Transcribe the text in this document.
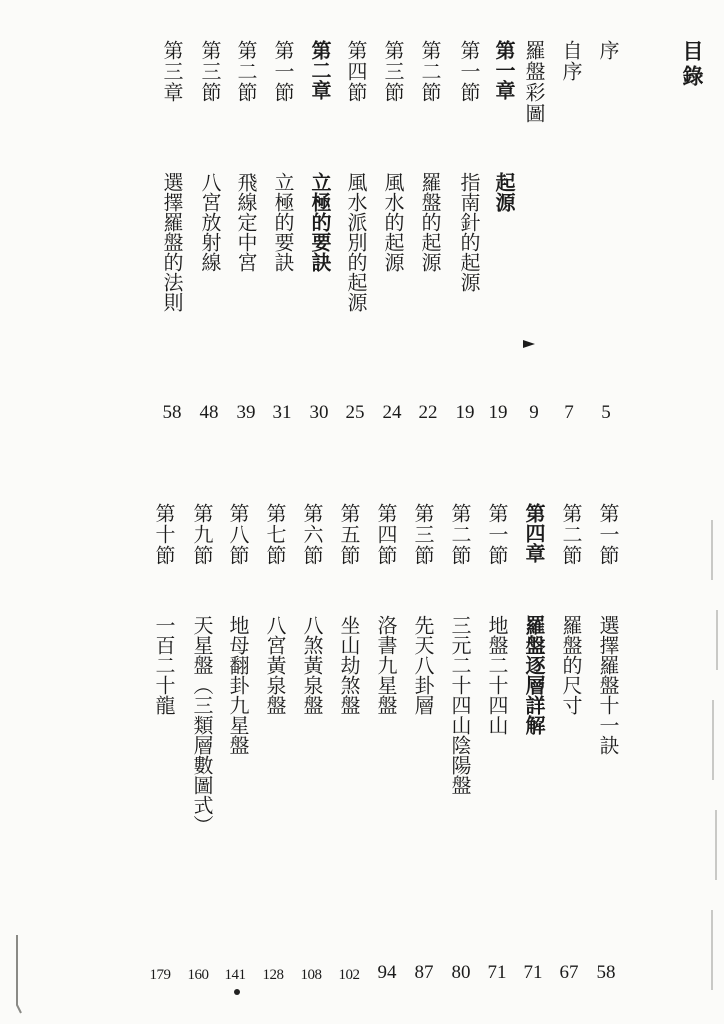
目錄
序
自序
羅盤彩圖
第一章
起源
第一節
指南針的起源
第二節
羅盤的起源
第三節
風水的起源
第四節
風水派別的起源
第二章
立極的要訣
第一節
立極的要訣
第二節
飛線定中宮
第三節
八宮放射線
第三章
選擇羅盤的法則
5
7
9
19
19
22
24
25
30
31
39
48
58
第一節
選擇羅盤十一訣
第二節
羅盤的尺寸
第四章
羅盤逐層詳解
第一節
地盤二十四山
第二節
三元二十四山陰陽盤
第三節
先天八卦層
第四節
洛書九星盤
第五節
坐山劫煞盤
第六節
八煞黃泉盤
第七節
八宮黃泉盤
第八節
地母翻卦九星盤
第九節
天星盤（三類層數圖式）
第十節
一百二十龍
58
67
71
71
80
87
94
102
108
128
141
160
179
